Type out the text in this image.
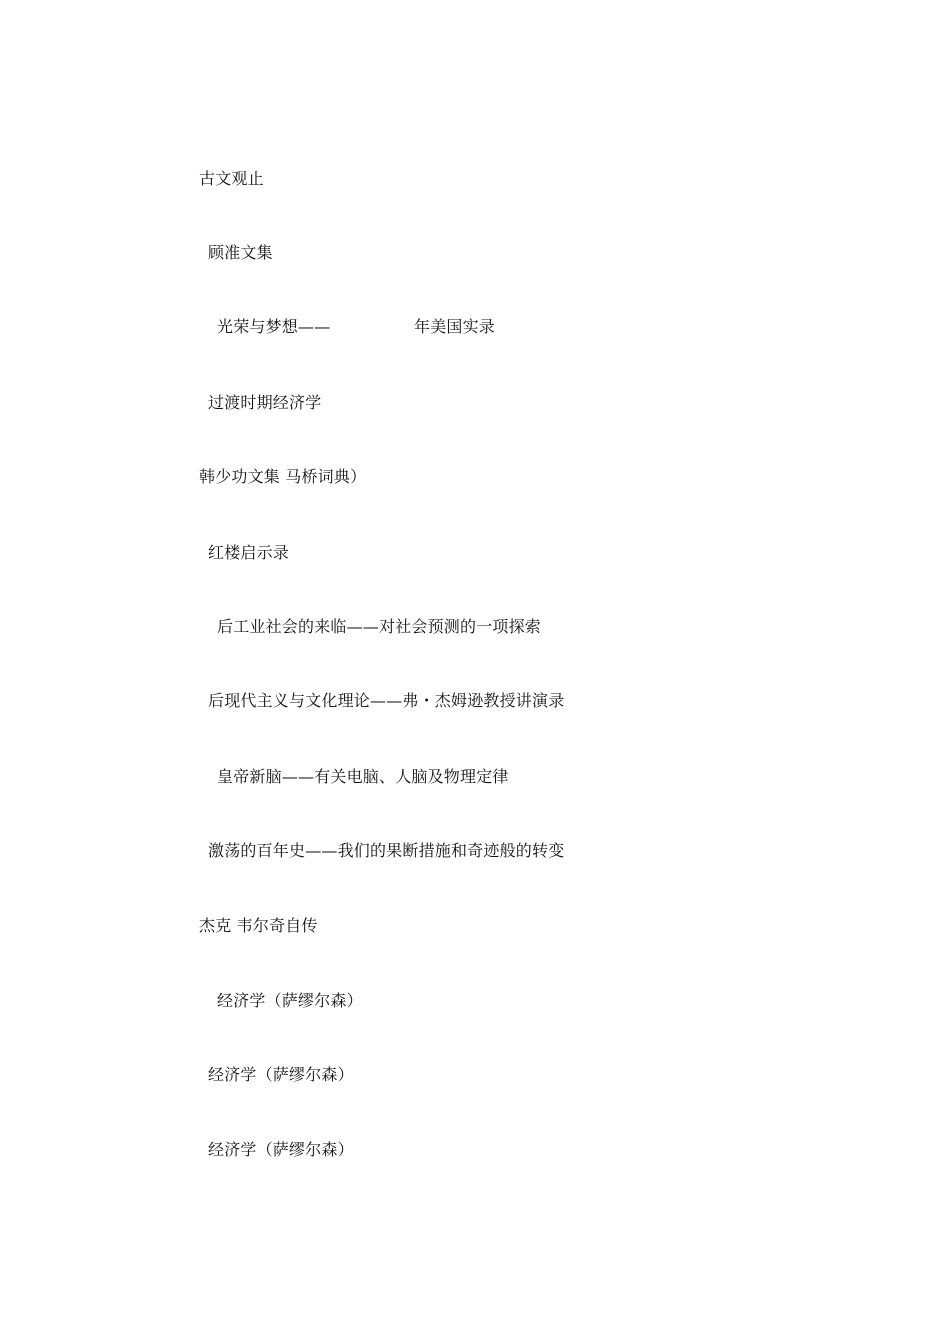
古文观止

顾准文集

光荣与梦想——	年美国实录

过渡时期经济学

韩少功文集 马桥词典）

红楼启示录

后工业社会的来临——对社会预测的一项探索

后现代主义与文化理论——弗・杰姆逊教授讲演录

皇帝新脑——有关电脑、人脑及物理定律

激荡的百年史——我们的果断措施和奇迹般的转变

杰克 韦尔奇自传

经济学（萨缪尔森）

经济学（萨缪尔森）

经济学（萨缪尔森）
